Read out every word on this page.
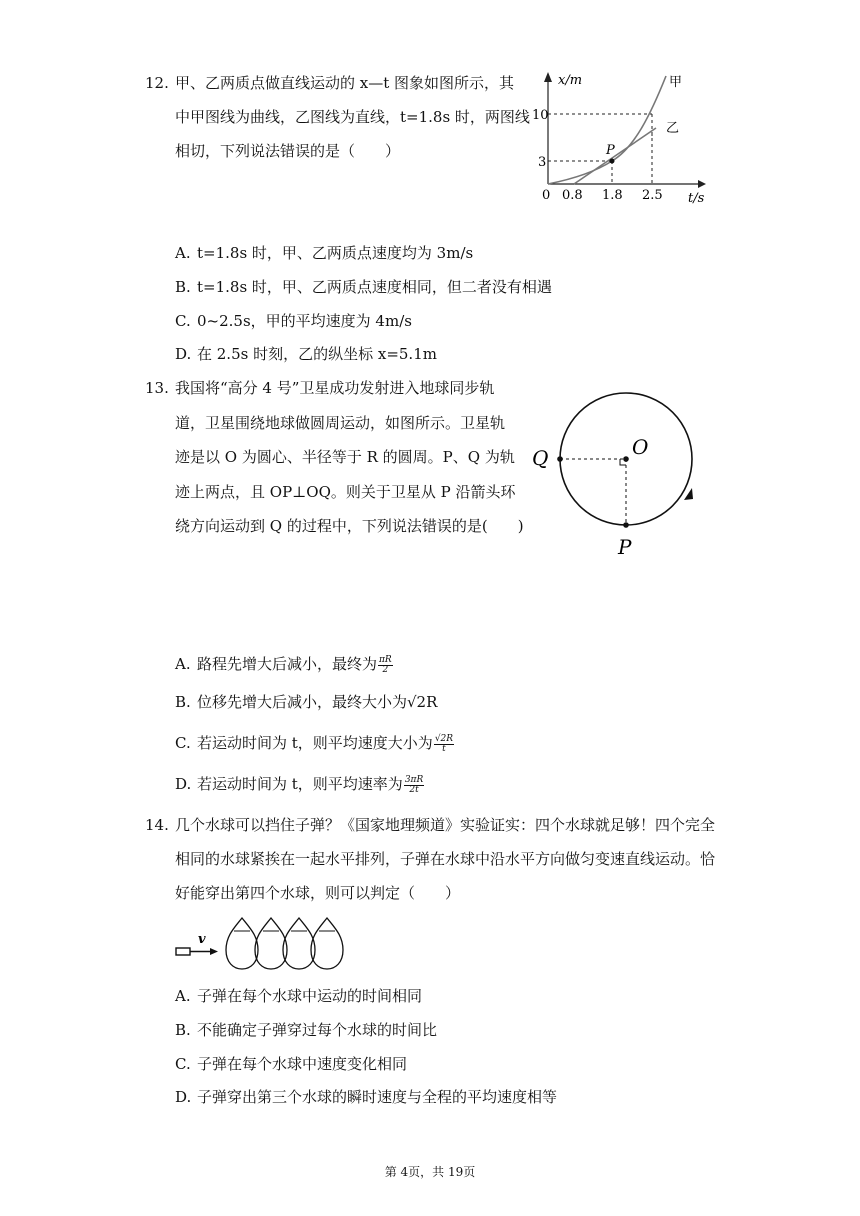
12. 甲、乙两质点做直线运动的 x—t 图象如图所示，其
中甲图线为曲线，乙图线为直线，t=1.8s 时，两图线
相切，下列说法错误的是（　　）
x/m
t/s
甲
乙
P
0 0.8 1.8 2.5
10
3
A. t=1.8s 时，甲、乙两质点速度均为 3m/s
B. t=1.8s 时，甲、乙两质点速度相同，但二者没有相遇
C. 0~2.5s，甲的平均速度为 4m/s
D. 在 2.5s 时刻，乙的纵坐标 x=5.1m
13. 我国将“高分 4 号”卫星成功发射进入地球同步轨
道，卫星围绕地球做圆周运动，如图所示。卫星轨
迹是以 O 为圆心、半径等于 R 的圆周。P、Q 为轨
迹上两点，且 OP⊥OQ。则关于卫星从 P 沿箭头环
绕方向运动到 Q 的过程中，下列说法错误的是(　　)
O
Q
P
A. 路程先增大后减小，最终为 $\frac{\pi R}{2}$
B. 位移先增大后减小，最终大小为√2R
C. 若运动时间为 t，则平均速度大小为 $\frac{√2R}{t}$
D. 若运动时间为 t，则平均速率为 $\frac{3\pi R}{2t}$
14. 几个水球可以挡住子弹？《国家地理频道》实验证实：四个水球就足够！四个完全
相同的水球紧挨在一起水平排列，子弹在水球中沿水平方向做匀变速直线运动。恰
好能穿出第四个水球，则可以判定（　　）
v
A. 子弹在每个水球中运动的时间相同
B. 不能确定子弹穿过每个水球的时间比
C. 子弹在每个水球中速度变化相同
D. 子弹穿出第三个水球的瞬时速度与全程的平均速度相等
第 4页，共 19页
